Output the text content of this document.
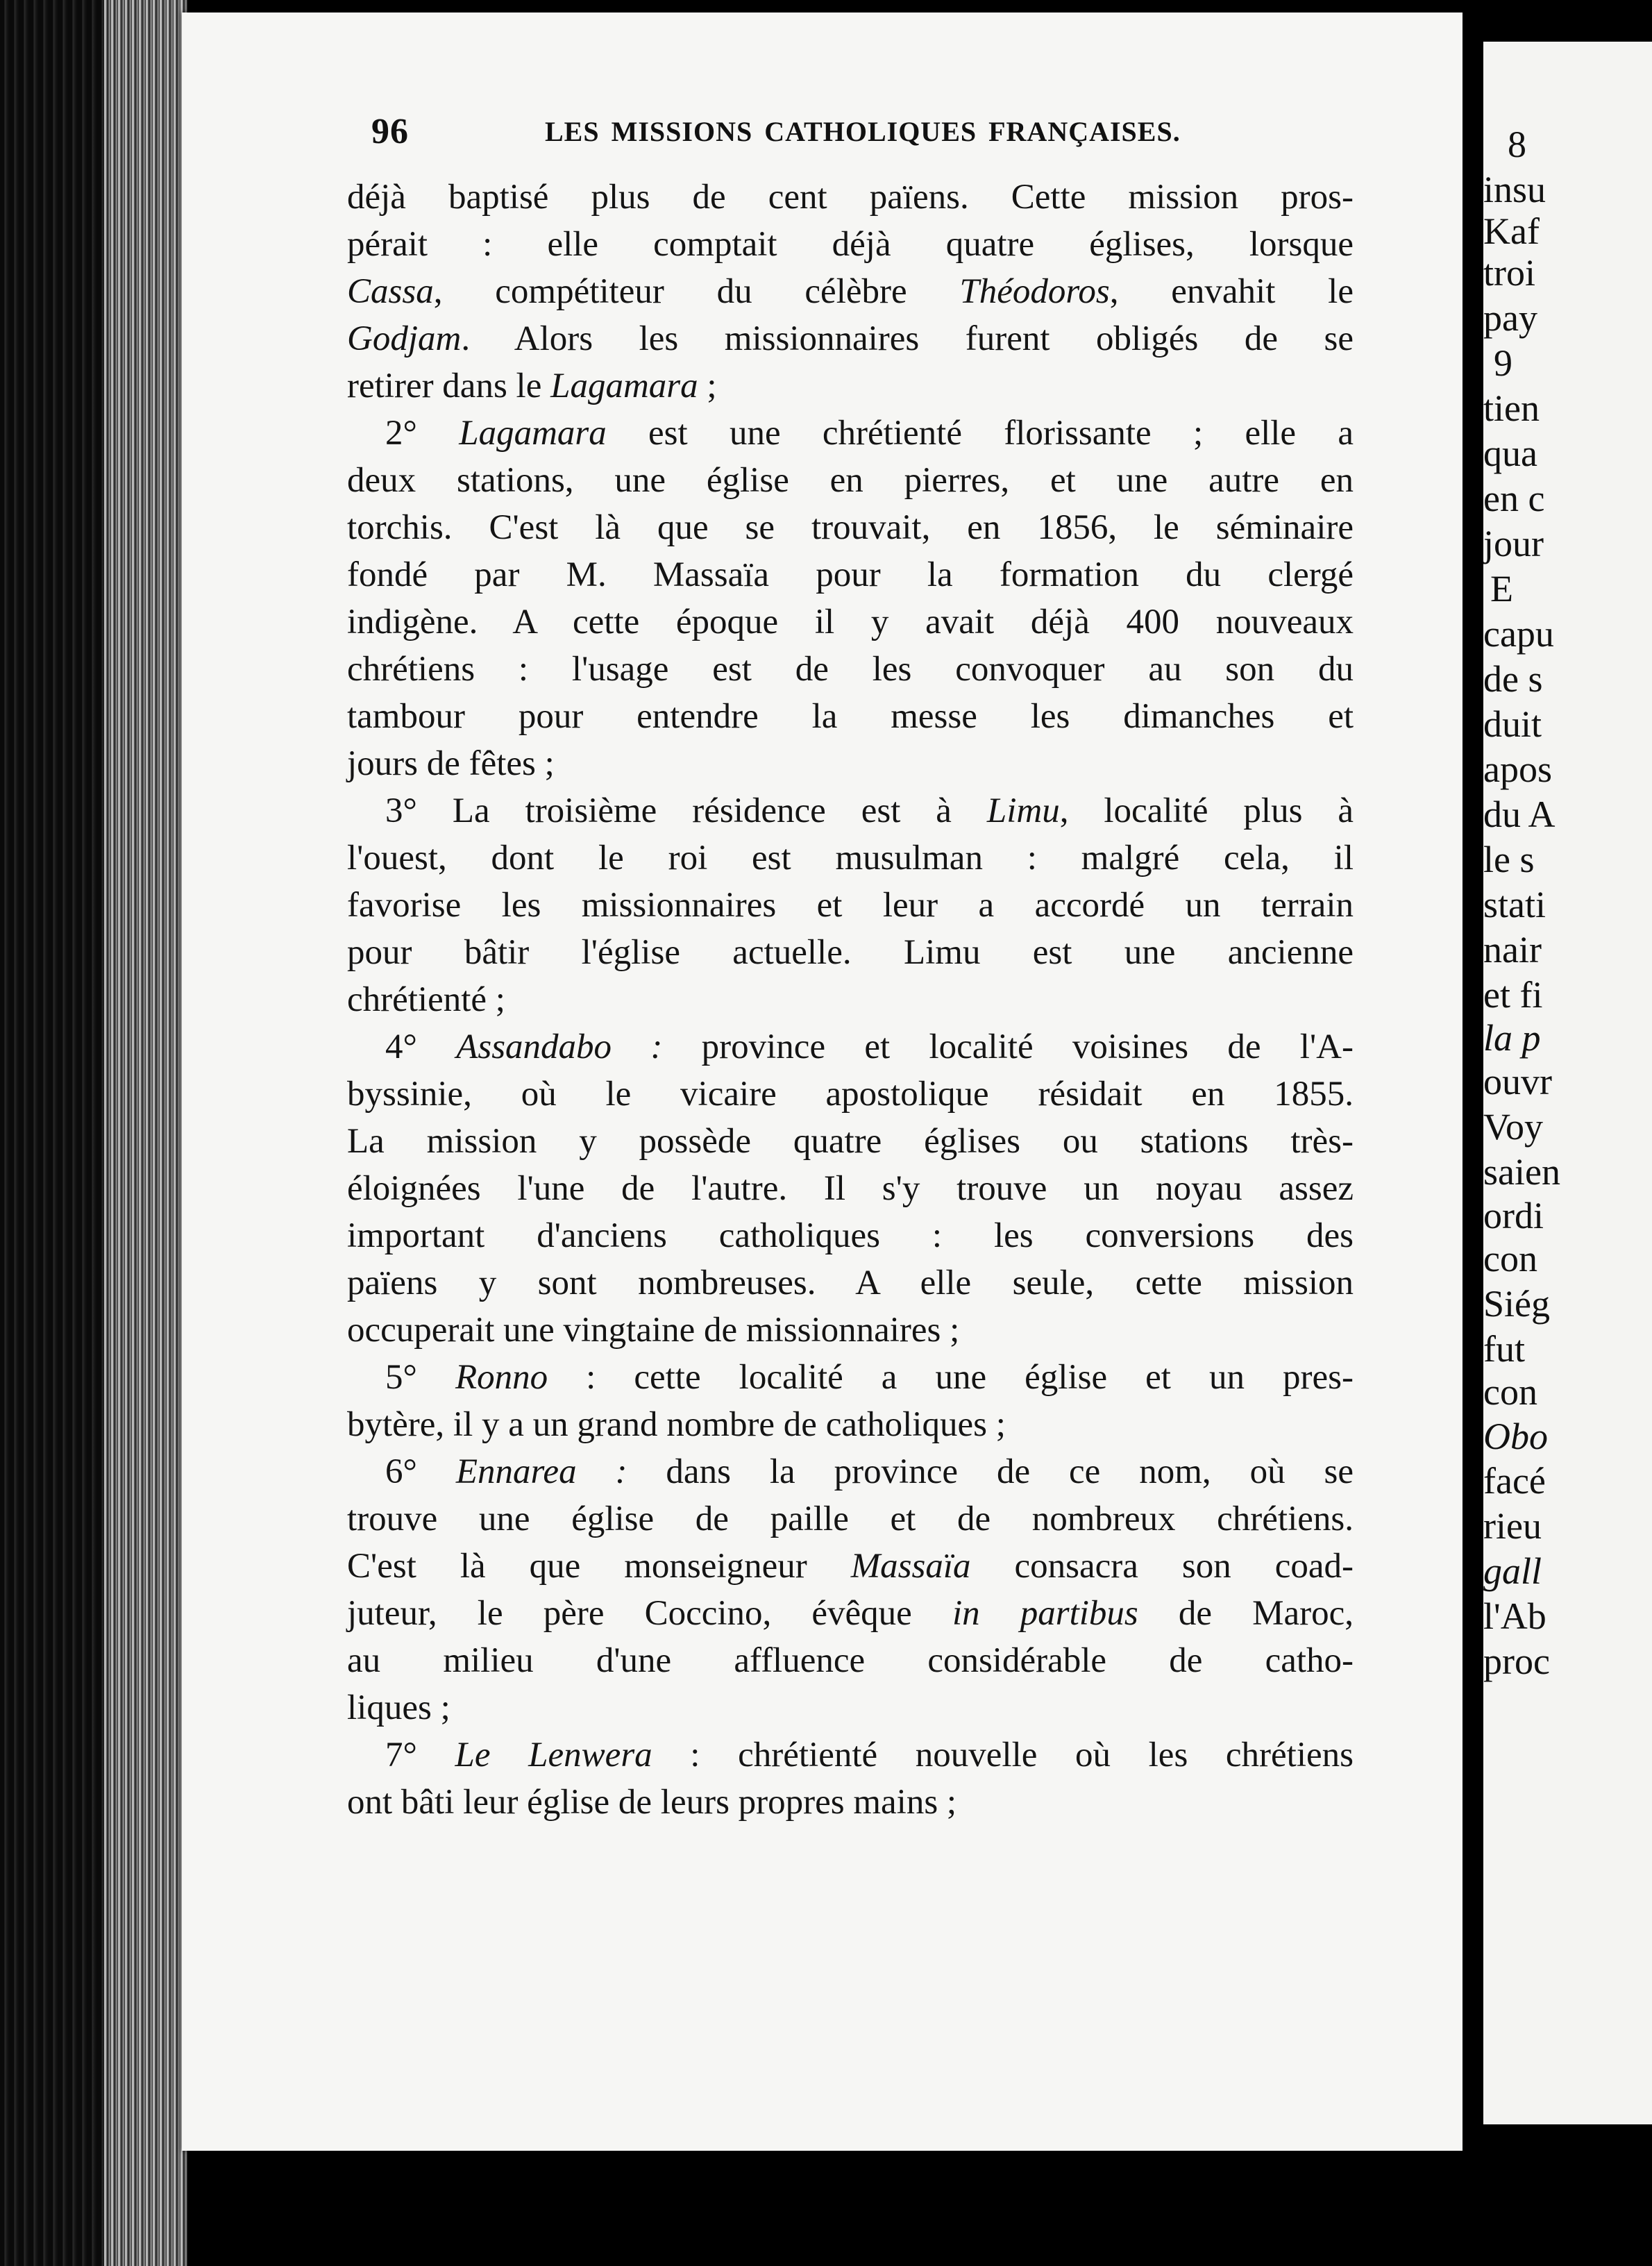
96	LES MISSIONS CATHOLIQUES FRANÇAISES.
déjà baptisé plus de cent païens. Cette mission pros-
pérait : elle comptait déjà quatre églises, lorsque
Cassa, compétiteur du célèbre Théodoros, envahit le
Godjam. Alors les missionnaires furent obligés de se
retirer dans le Lagamara ;
2° Lagamara est une chrétienté florissante ; elle a
deux stations, une église en pierres, et une autre en
torchis. C'est là que se trouvait, en 1856, le séminaire
fondé par M. Massaïa pour la formation du clergé
indigène. A cette époque il y avait déjà 400 nouveaux
chrétiens : l'usage est de les convoquer au son du
tambour pour entendre la messe les dimanches et
jours de fêtes ;
3° La troisième résidence est à Limu, localité plus à
l'ouest, dont le roi est musulman : malgré cela, il
favorise les missionnaires et leur a accordé un terrain
pour bâtir l'église actuelle. Limu est une ancienne
chrétienté ;
4° Assandabo : province et localité voisines de l'A-
byssinie, où le vicaire apostolique résidait en 1855.
La mission y possède quatre églises ou stations très-
éloignées l'une de l'autre. Il s'y trouve un noyau assez
important d'anciens catholiques : les conversions des
païens y sont nombreuses. A elle seule, cette mission
occuperait une vingtaine de missionnaires ;
5° Ronno : cette localité a une église et un pres-
bytère, il y a un grand nombre de catholiques ;
6° Ennarea : dans la province de ce nom, où se
trouve une église de paille et de nombreux chrétiens.
C'est là que monseigneur Massaïa consacra son coad-
juteur, le père Coccino, évêque in partibus de Maroc,
au milieu d'une affluence considérable de catho-
liques ;
7° Le Lenwera : chrétienté nouvelle où les chrétiens
ont bâti leur église de leurs propres mains ;
8
insu
Kaf
troi
pay
9
tien
qua
en c
jour
E
capu
de s
duit
apos
du A
le s
stati
nair
et fi
la p
ouvr
Voy
saien
ordi
con
Siég
fut
con
Obo
facé
rieu
gall
l'Ab
proc
